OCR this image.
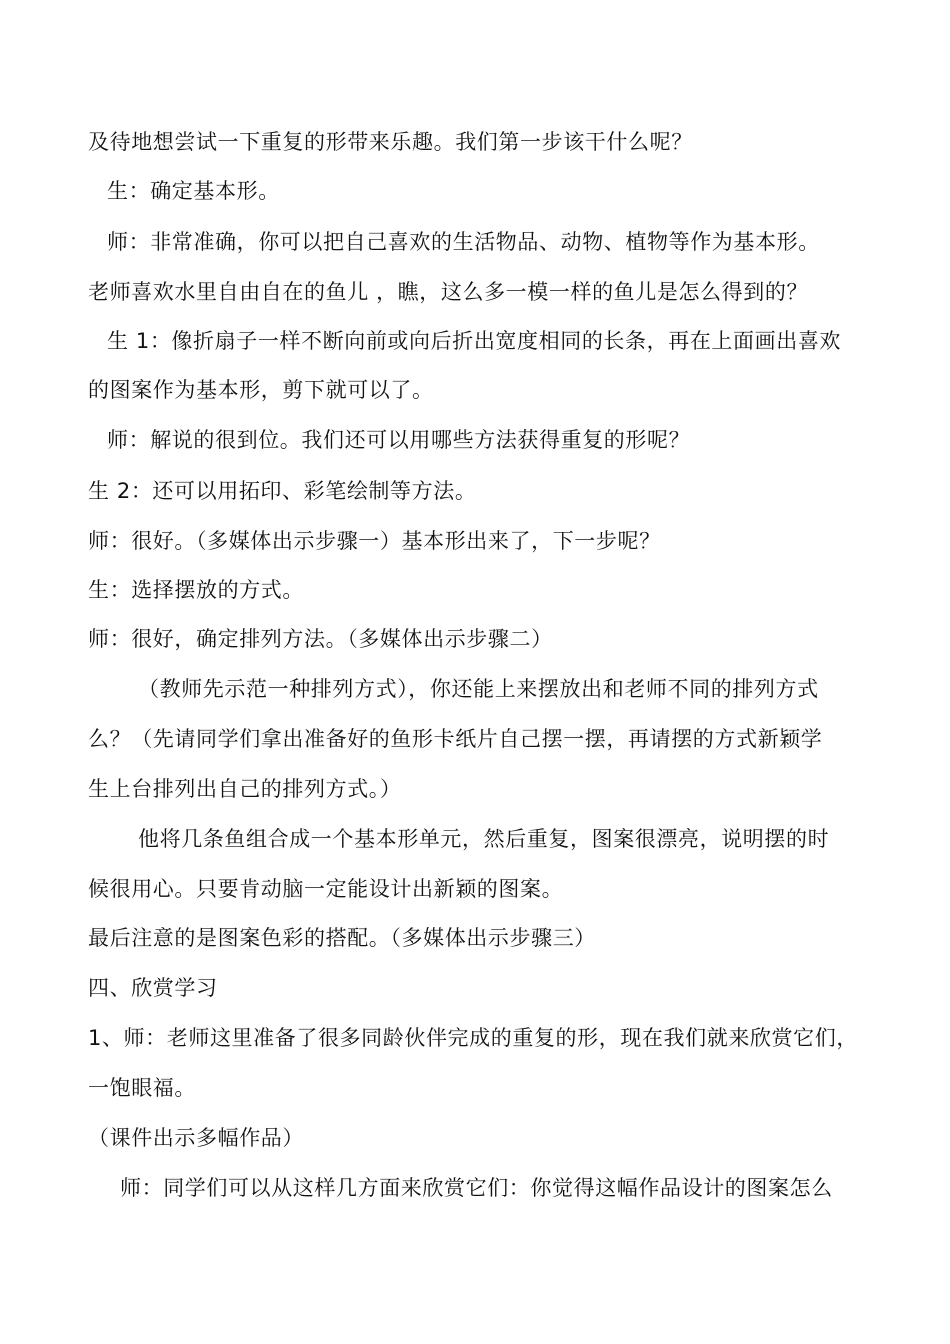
及待地想尝试一下重复的形带来乐趣。我们第一步该干什么呢？
生：确定基本形。
师：非常准确，你可以把自己喜欢的生活物品、动物、植物等作为基本形。
老师喜欢水里自由自在的鱼儿 ，瞧，这么多一模一样的鱼儿是怎么得到的？
生 1：像折扇子一样不断向前或向后折出宽度相同的长条，再在上面画出喜欢
的图案作为基本形，剪下就可以了。
师：解说的很到位。我们还可以用哪些方法获得重复的形呢？
生 2：还可以用拓印、彩笔绘制等方法。
师：很好。（多媒体出示步骤一）基本形出来了，下一步呢？
生：选择摆放的方式。
师：很好，确定排列方法。（多媒体出示步骤二）
（教师先示范一种排列方式），你还能上来摆放出和老师不同的排列方式
么？（先请同学们拿出准备好的鱼形卡纸片自己摆一摆，再请摆的方式新颖学
生上台排列出自己的排列方式。）
他将几条鱼组合成一个基本形单元，然后重复，图案很漂亮，说明摆的时
候很用心。只要肯动脑一定能设计出新颖的图案。
最后注意的是图案色彩的搭配。（多媒体出示步骤三）
四、欣赏学习
1、师：老师这里准备了很多同龄伙伴完成的重复的形，现在我们就来欣赏它们，
一饱眼福。
（课件出示多幅作品）
师：同学们可以从这样几方面来欣赏它们：你觉得这幅作品设计的图案怎么
